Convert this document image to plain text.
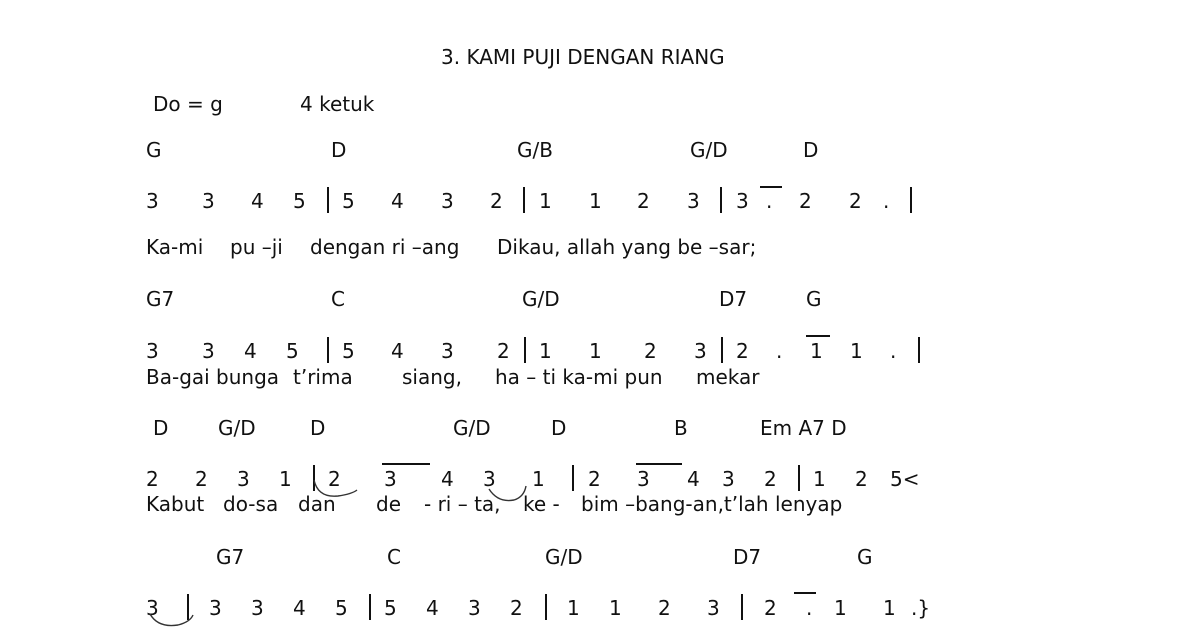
3. KAMI PUJI DENGAN RIANG
Do = g	4 ketuk
G	D	G/B	G/D	D
3 3 4 5 5 4 3 2 1 1 2 3 3 . 2 2 .
Ka-mi pu –ji dengan ri –ang Dikau, allah yang be –sar;
G7	C	G/D	D7	G
3 3 4 5 5 4 3 2 1 1 2 3 2 . 1 1 .
Ba-gai bunga t’rima siang, ha – ti ka-mi pun mekar
D G/D	D	G/D	D	B	Em A7 D
2 2 3 1 2 3 4 3 1 2 3 4 3 2 1 2 5<
Kabut do-sa dan de - ri – ta, ke - bim –bang-an,t’lah lenyap
G7	C	G/D	D7	G
3	3 3 4 5 5 4 3 2 1 1 2 3 2 . 1 1 .}
